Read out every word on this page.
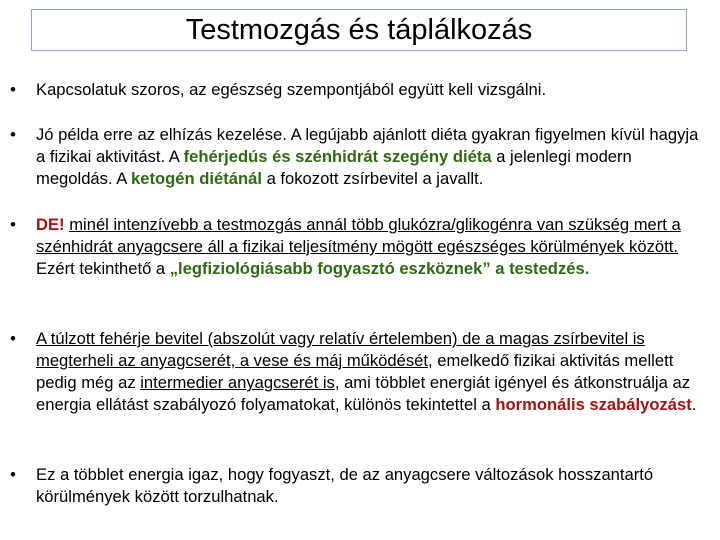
Testmozgás és táplálkozás
• Kapcsolatuk szoros, az egészség szempontjából együtt kell vizsgálni.
• Jó példa erre az elhízás kezelése. A legújabb ajánlott diéta gyakran figyelmen kívül hagyja a fizikai aktivitást. A fehérjedús és szénhidrát szegény diéta a jelenlegi modern megoldás. A ketogén diétánál a fokozott zsírbevitel a javallt.
• DE! minél intenzívebb a testmozgás annál több glukózra/glikogénra van szükség mert a szénhidrát anyagcsere áll a fizikai teljesítmény mögött egészséges körülmények között. Ezért tekinthető a „legfiziológiásabb fogyasztó eszköznek” a testedzés.
• A túlzott fehérje bevitel (abszolút vagy relatív értelemben) de a magas zsírbevitel is megterheli az anyagcserét, a vese és máj működését, emelkedő fizikai aktivitás mellett pedig még az intermedier anyagcserét is, ami többlet energiát igényel és átkonstruálja az energia ellátást szabályozó folyamatokat, különös tekintettel a hormonális szabályozást.
• Ez a többlet energia igaz, hogy fogyaszt, de az anyagcsere változások hosszantartó körülmények között torzulhatnak.
